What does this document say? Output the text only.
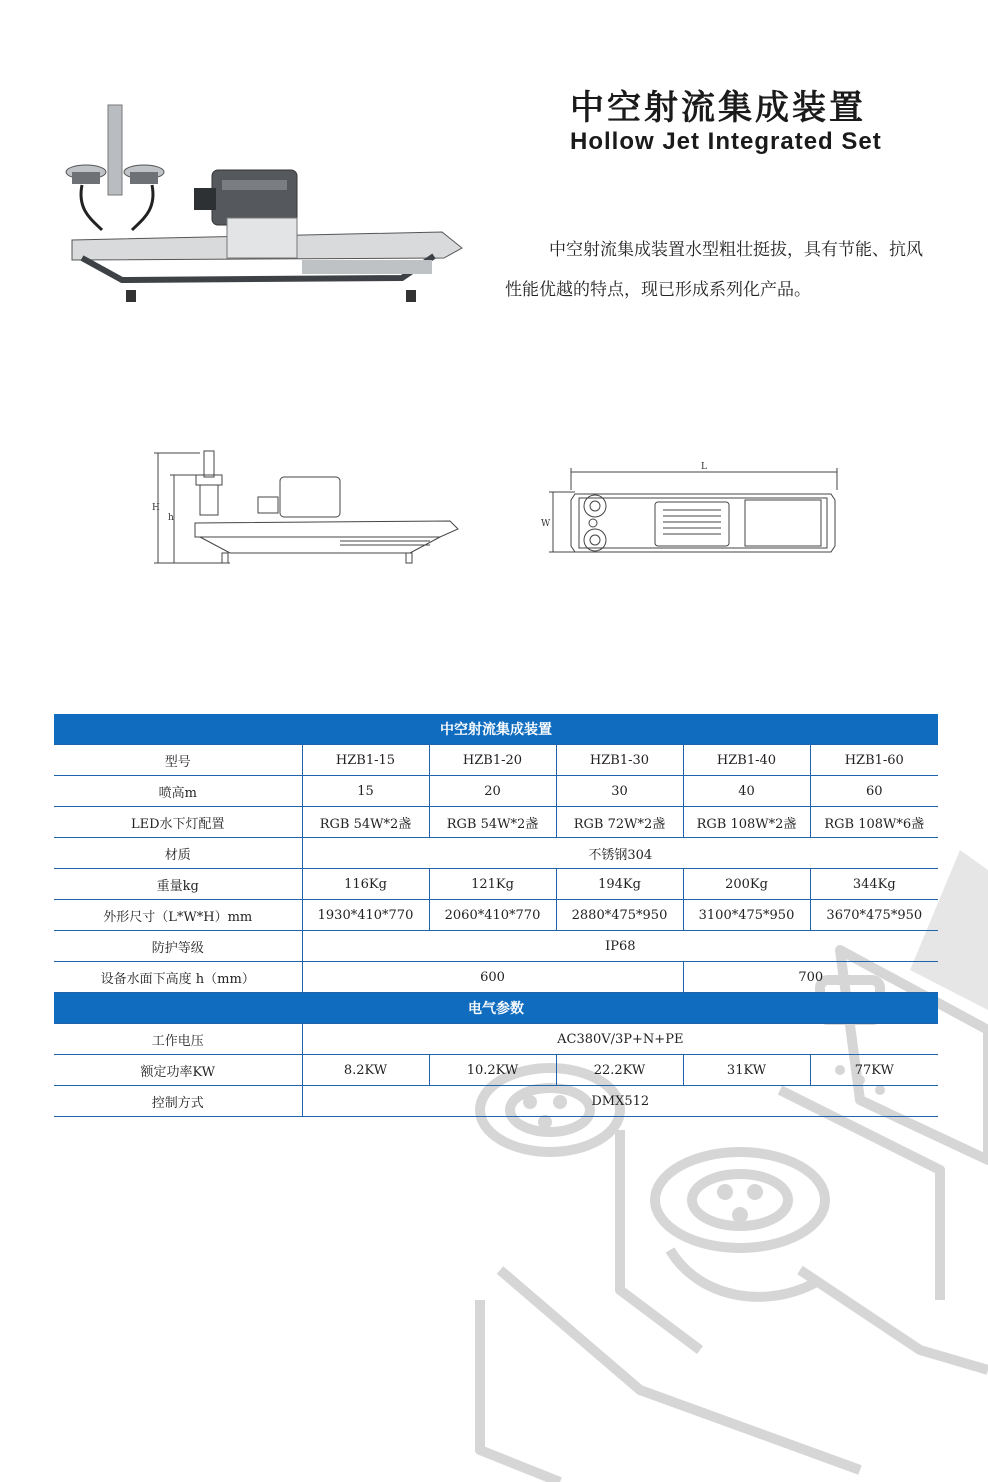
H
h
L
W
中空射流集成装置
Hollow Jet Integrated Set
中空射流集成装置水型粗壮挺拔，具有节能、抗风性能优越的特点，现已形成系列化产品。
中空射流集成装置					
型号	HZB1-15	HZB1-20	HZB1-30	HZB1-40	HZB1-60
喷高m	15	20	30	40	60
LED水下灯配置	RGB 54W*2盏	RGB 54W*2盏	RGB 72W*2盏	RGB 108W*2盏	RGB 108W*6盏
材质	不锈钢304				
重量kg	116Kg	121Kg	194Kg	200Kg	344Kg
外形尺寸（L*W*H）mm	1930*410*770	2060*410*770	2880*475*950	3100*475*950	3670*475*950
防护等级	IP68				
设备水面下高度 h（mm）	600			700	
电气参数					
工作电压	AC380V/3P+N+PE				
额定功率KW	8.2KW	10.2KW	22.2KW	31KW	77KW
控制方式	DMX512				
